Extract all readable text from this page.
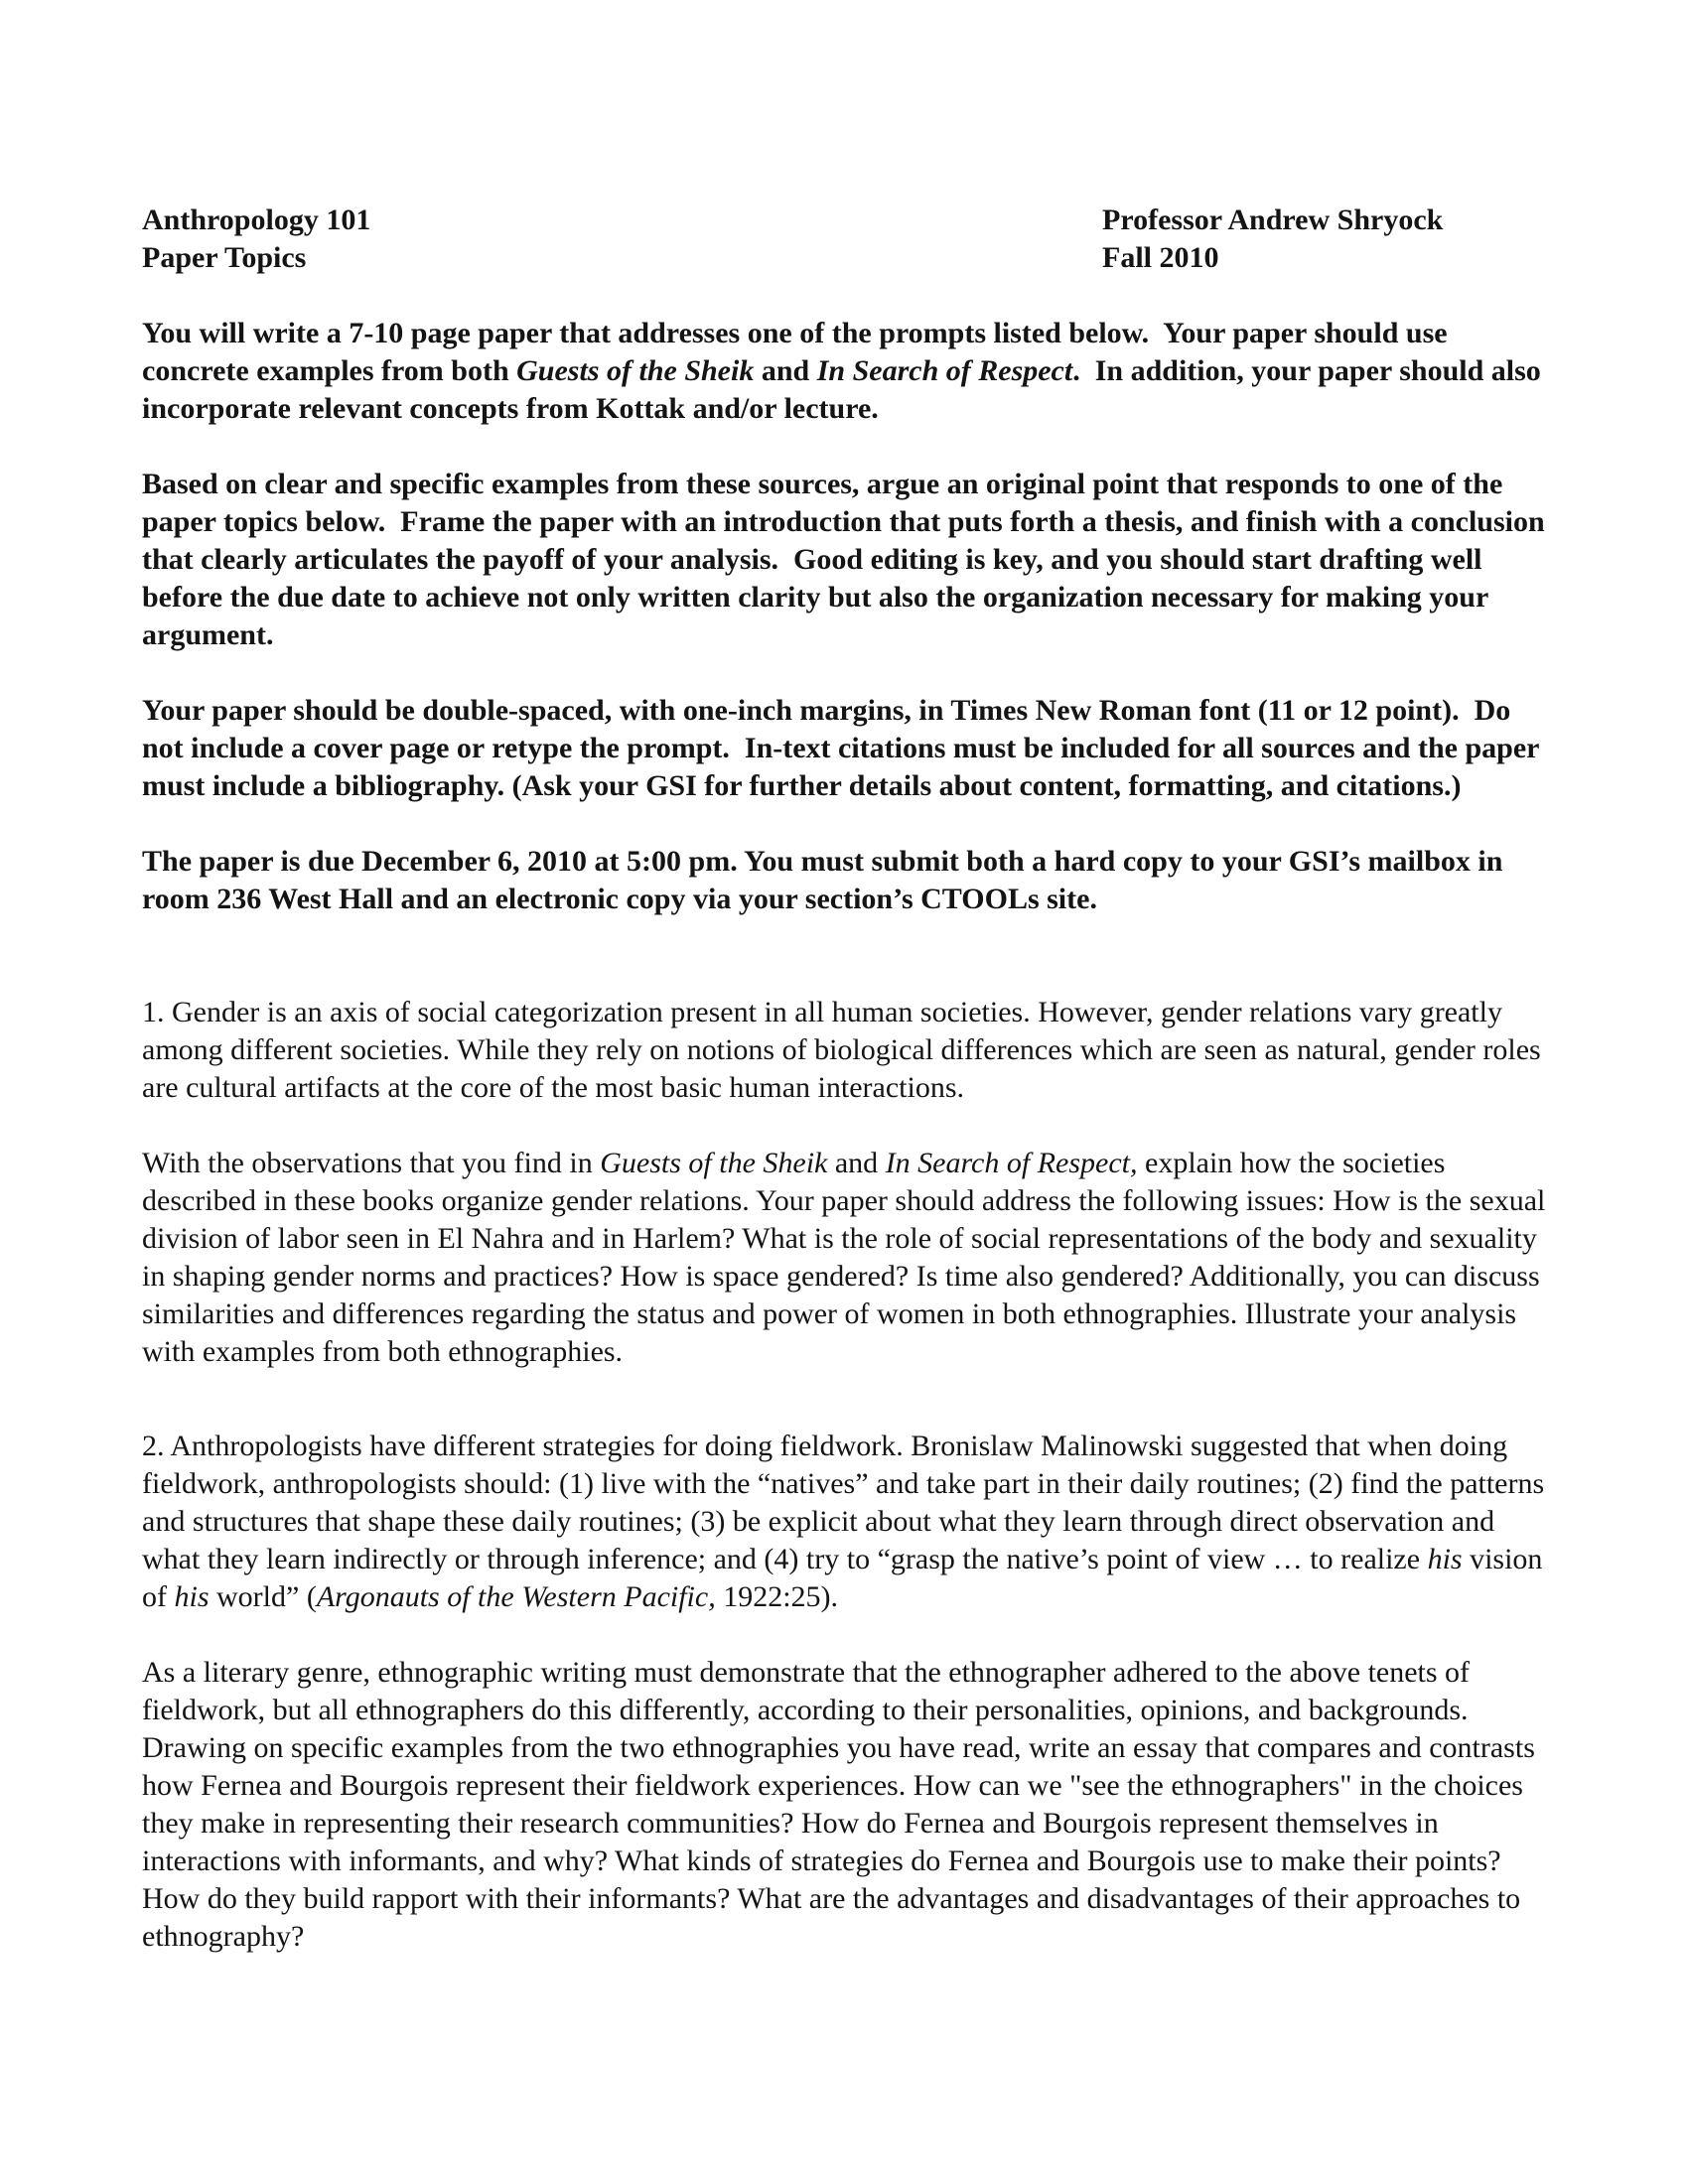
Anthropology 101
Paper Topics
Professor Andrew Shryock
Fall 2010

You will write a 7-10 page paper that addresses one of the prompts listed below.  Your paper should use concrete examples from both Guests of the Sheik and In Search of Respect.  In addition, your paper should also incorporate relevant concepts from Kottak and/or lecture.

Based on clear and specific examples from these sources, argue an original point that responds to one of the paper topics below.  Frame the paper with an introduction that puts forth a thesis, and finish with a conclusion that clearly articulates the payoff of your analysis.  Good editing is key, and you should start drafting well before the due date to achieve not only written clarity but also the organization necessary for making your argument.

Your paper should be double-spaced, with one-inch margins, in Times New Roman font (11 or 12 point).  Do not include a cover page or retype the prompt.  In-text citations must be included for all sources and the paper must include a bibliography. (Ask your GSI for further details about content, formatting, and citations.)

The paper is due December 6, 2010 at 5:00 pm. You must submit both a hard copy to your GSI’s mailbox in room 236 West Hall and an electronic copy via your section’s CTOOLs site.

1. Gender is an axis of social categorization present in all human societies. However, gender relations vary greatly among different societies. While they rely on notions of biological differences which are seen as natural, gender roles are cultural artifacts at the core of the most basic human interactions.

With the observations that you find in Guests of the Sheik and In Search of Respect, explain how the societies described in these books organize gender relations. Your paper should address the following issues: How is the sexual division of labor seen in El Nahra and in Harlem? What is the role of social representations of the body and sexuality in shaping gender norms and practices? How is space gendered? Is time also gendered? Additionally, you can discuss similarities and differences regarding the status and power of women in both ethnographies. Illustrate your analysis with examples from both ethnographies.

2. Anthropologists have different strategies for doing fieldwork. Bronislaw Malinowski suggested that when doing fieldwork, anthropologists should: (1) live with the “natives” and take part in their daily routines; (2) find the patterns and structures that shape these daily routines; (3) be explicit about what they learn through direct observation and what they learn indirectly or through inference; and (4) try to “grasp the native’s point of view … to realize his vision of his world” (Argonauts of the Western Pacific, 1922:25).

As a literary genre, ethnographic writing must demonstrate that the ethnographer adhered to the above tenets of fieldwork, but all ethnographers do this differently, according to their personalities, opinions, and backgrounds. Drawing on specific examples from the two ethnographies you have read, write an essay that compares and contrasts how Fernea and Bourgois represent their fieldwork experiences. How can we "see the ethnographers" in the choices they make in representing their research communities? How do Fernea and Bourgois represent themselves in interactions with informants, and why? What kinds of strategies do Fernea and Bourgois use to make their points? How do they build rapport with their informants? What are the advantages and disadvantages of their approaches to ethnography?
